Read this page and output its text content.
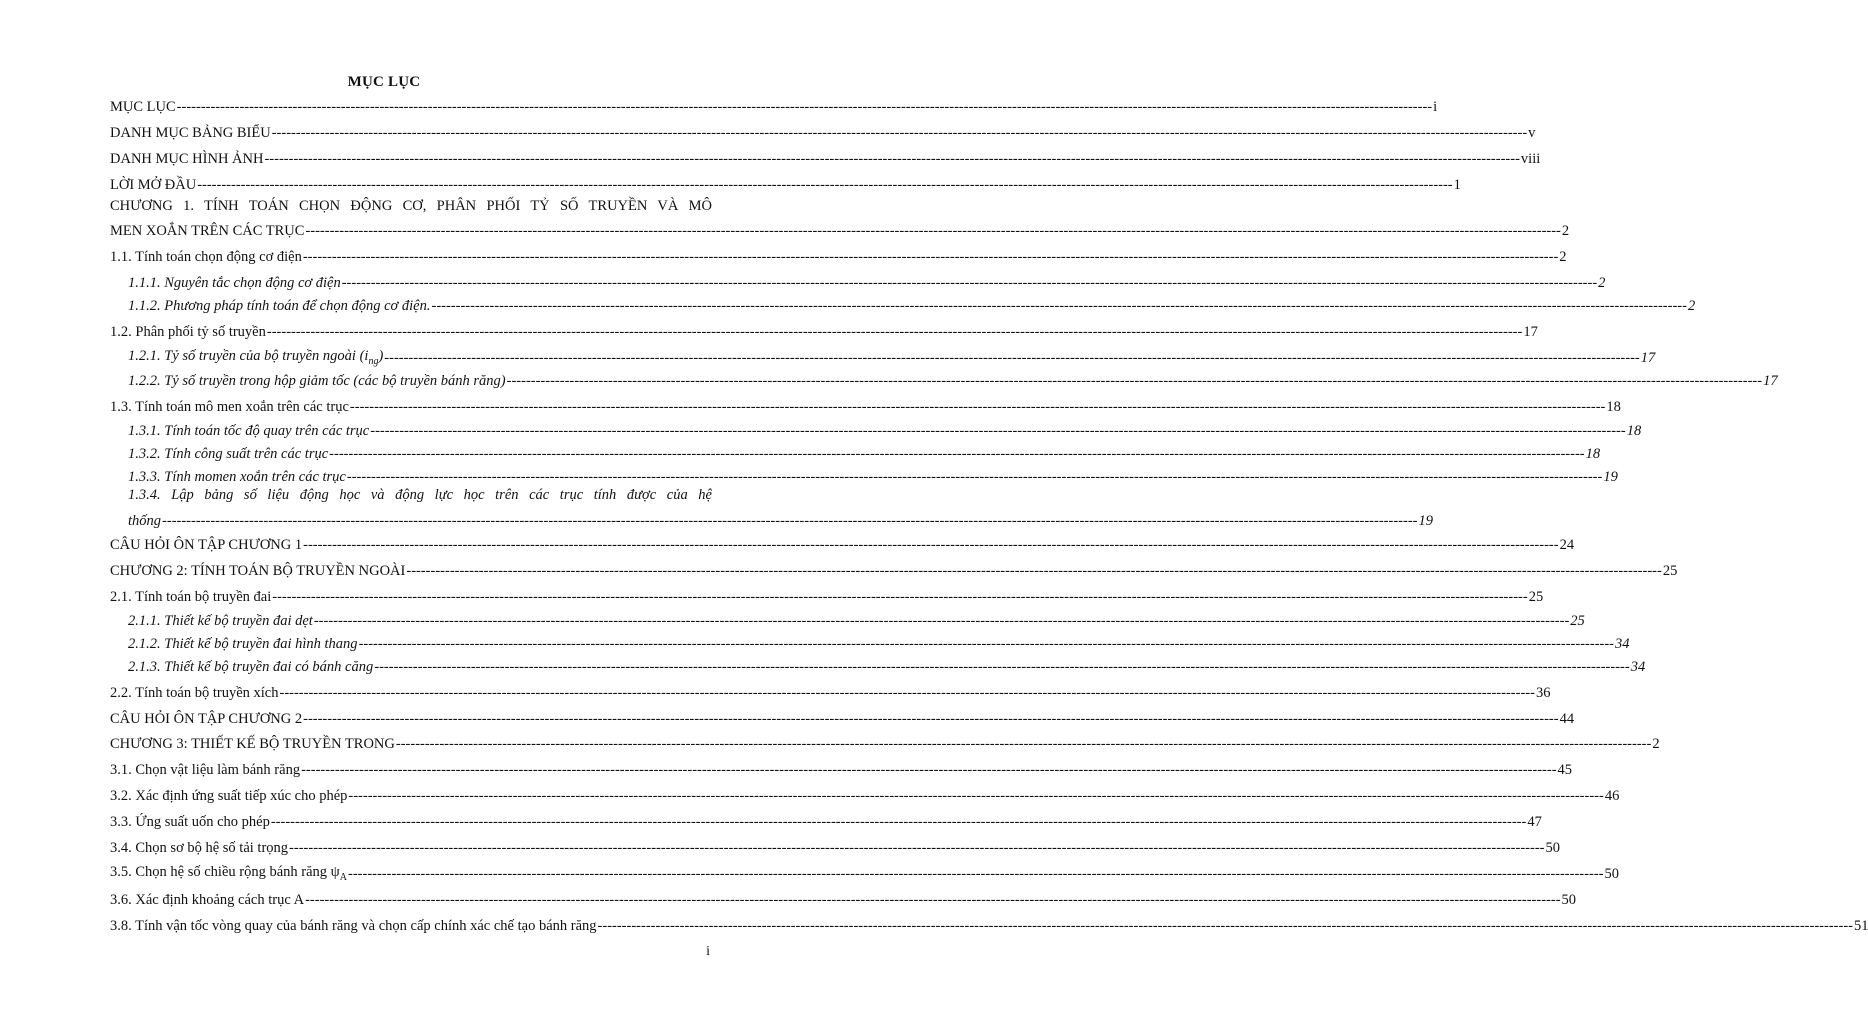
MỤC LỤC
MỤC LỤC -------------------------------------------------------------------------------------------------------------------------------------------------------------------------------------------------------------------------------------------------------------------- i
DANH MỤC BẢNG BIỂU -------------------------------------------------------------------------------------------------------------------------------------------------------------------------------------------------------------------------------------------------------------------- v
DANH MỤC HÌNH ẢNH -------------------------------------------------------------------------------------------------------------------------------------------------------------------------------------------------------------------------------------------------------------------- viii
LỜI MỞ ĐẦU -------------------------------------------------------------------------------------------------------------------------------------------------------------------------------------------------------------------------------------------------------------------- 1
CHƯƠNG 1. TÍNH TOÁN CHỌN ĐỘNG CƠ, PHÂN PHỐI TỶ SỐ TRUYỀN VÀ MÔ
MEN XOẮN TRÊN CÁC TRỤC -------------------------------------------------------------------------------------------------------------------------------------------------------------------------------------------------------------------------------------------------------------------- 2
1.1. Tính toán chọn động cơ điện -------------------------------------------------------------------------------------------------------------------------------------------------------------------------------------------------------------------------------------------------------------------- 2
1.1.1. Nguyên tắc chọn động cơ điện -------------------------------------------------------------------------------------------------------------------------------------------------------------------------------------------------------------------------------------------------------------------- 2
1.1.2. Phương pháp tính toán để chọn động cơ điện. -------------------------------------------------------------------------------------------------------------------------------------------------------------------------------------------------------------------------------------------------------------------- 2
1.2. Phân phối tỷ số truyền -------------------------------------------------------------------------------------------------------------------------------------------------------------------------------------------------------------------------------------------------------------------- 17
1.2.1. Tỷ số truyền của bộ truyền ngoài $(i_{ng})$ -------------------------------------------------------------------------------------------------------------------------------------------------------------------------------------------------------------------------------------------------------------------- 17
1.2.2. Tỷ số truyền trong hộp giảm tốc (các bộ truyền bánh răng) -------------------------------------------------------------------------------------------------------------------------------------------------------------------------------------------------------------------------------------------------------------------- 17
1.3. Tính toán mô men xoắn trên các trục -------------------------------------------------------------------------------------------------------------------------------------------------------------------------------------------------------------------------------------------------------------------- 18
1.3.1. Tính toán tốc độ quay trên các trục -------------------------------------------------------------------------------------------------------------------------------------------------------------------------------------------------------------------------------------------------------------------- 18
1.3.2. Tính công suất trên các trục -------------------------------------------------------------------------------------------------------------------------------------------------------------------------------------------------------------------------------------------------------------------- 18
1.3.3. Tính momen xoắn trên các trục -------------------------------------------------------------------------------------------------------------------------------------------------------------------------------------------------------------------------------------------------------------------- 19
1.3.4. Lập bảng số liệu động học và động lực học trên các trục tính được của hệ
thống -------------------------------------------------------------------------------------------------------------------------------------------------------------------------------------------------------------------------------------------------------------------- 19
CÂU HỎI ÔN TẬP CHƯƠNG 1 -------------------------------------------------------------------------------------------------------------------------------------------------------------------------------------------------------------------------------------------------------------------- 24
CHƯƠNG 2: TÍNH TOÁN BỘ TRUYỀN NGOÀI -------------------------------------------------------------------------------------------------------------------------------------------------------------------------------------------------------------------------------------------------------------------- 25
2.1. Tính toán bộ truyền đai -------------------------------------------------------------------------------------------------------------------------------------------------------------------------------------------------------------------------------------------------------------------- 25
2.1.1. Thiết kế bộ truyền đai dẹt -------------------------------------------------------------------------------------------------------------------------------------------------------------------------------------------------------------------------------------------------------------------- 25
2.1.2. Thiết kế bộ truyền đai hình thang -------------------------------------------------------------------------------------------------------------------------------------------------------------------------------------------------------------------------------------------------------------------- 34
2.1.3. Thiết kế bộ truyền đai có bánh căng -------------------------------------------------------------------------------------------------------------------------------------------------------------------------------------------------------------------------------------------------------------------- 34
2.2. Tính toán bộ truyền xích -------------------------------------------------------------------------------------------------------------------------------------------------------------------------------------------------------------------------------------------------------------------- 36
CÂU HỎI ÔN TẬP CHƯƠNG 2 -------------------------------------------------------------------------------------------------------------------------------------------------------------------------------------------------------------------------------------------------------------------- 44
CHƯƠNG 3: THIẾT KẾ BỘ TRUYỀN TRONG -------------------------------------------------------------------------------------------------------------------------------------------------------------------------------------------------------------------------------------------------------------------- 2
3.1. Chọn vật liệu làm bánh răng -------------------------------------------------------------------------------------------------------------------------------------------------------------------------------------------------------------------------------------------------------------------- 45
3.2. Xác định ứng suất tiếp xúc cho phép -------------------------------------------------------------------------------------------------------------------------------------------------------------------------------------------------------------------------------------------------------------------- 46
3.3. Ứng suất uốn cho phép -------------------------------------------------------------------------------------------------------------------------------------------------------------------------------------------------------------------------------------------------------------------- 47
3.4. Chọn sơ bộ hệ số tải trọng -------------------------------------------------------------------------------------------------------------------------------------------------------------------------------------------------------------------------------------------------------------------- 50
3.5. Chọn hệ số chiều rộng bánh răng $\psi_A$ -------------------------------------------------------------------------------------------------------------------------------------------------------------------------------------------------------------------------------------------------------------------- 50
3.6. Xác định khoảng cách trục A -------------------------------------------------------------------------------------------------------------------------------------------------------------------------------------------------------------------------------------------------------------------- 50
3.8. Tính vận tốc vòng quay của bánh răng và chọn cấp chính xác chế tạo bánh răng -------------------------------------------------------------------------------------------------------------------------------------------------------------------------------------------------------------------------------------------------------------------- 51
i
